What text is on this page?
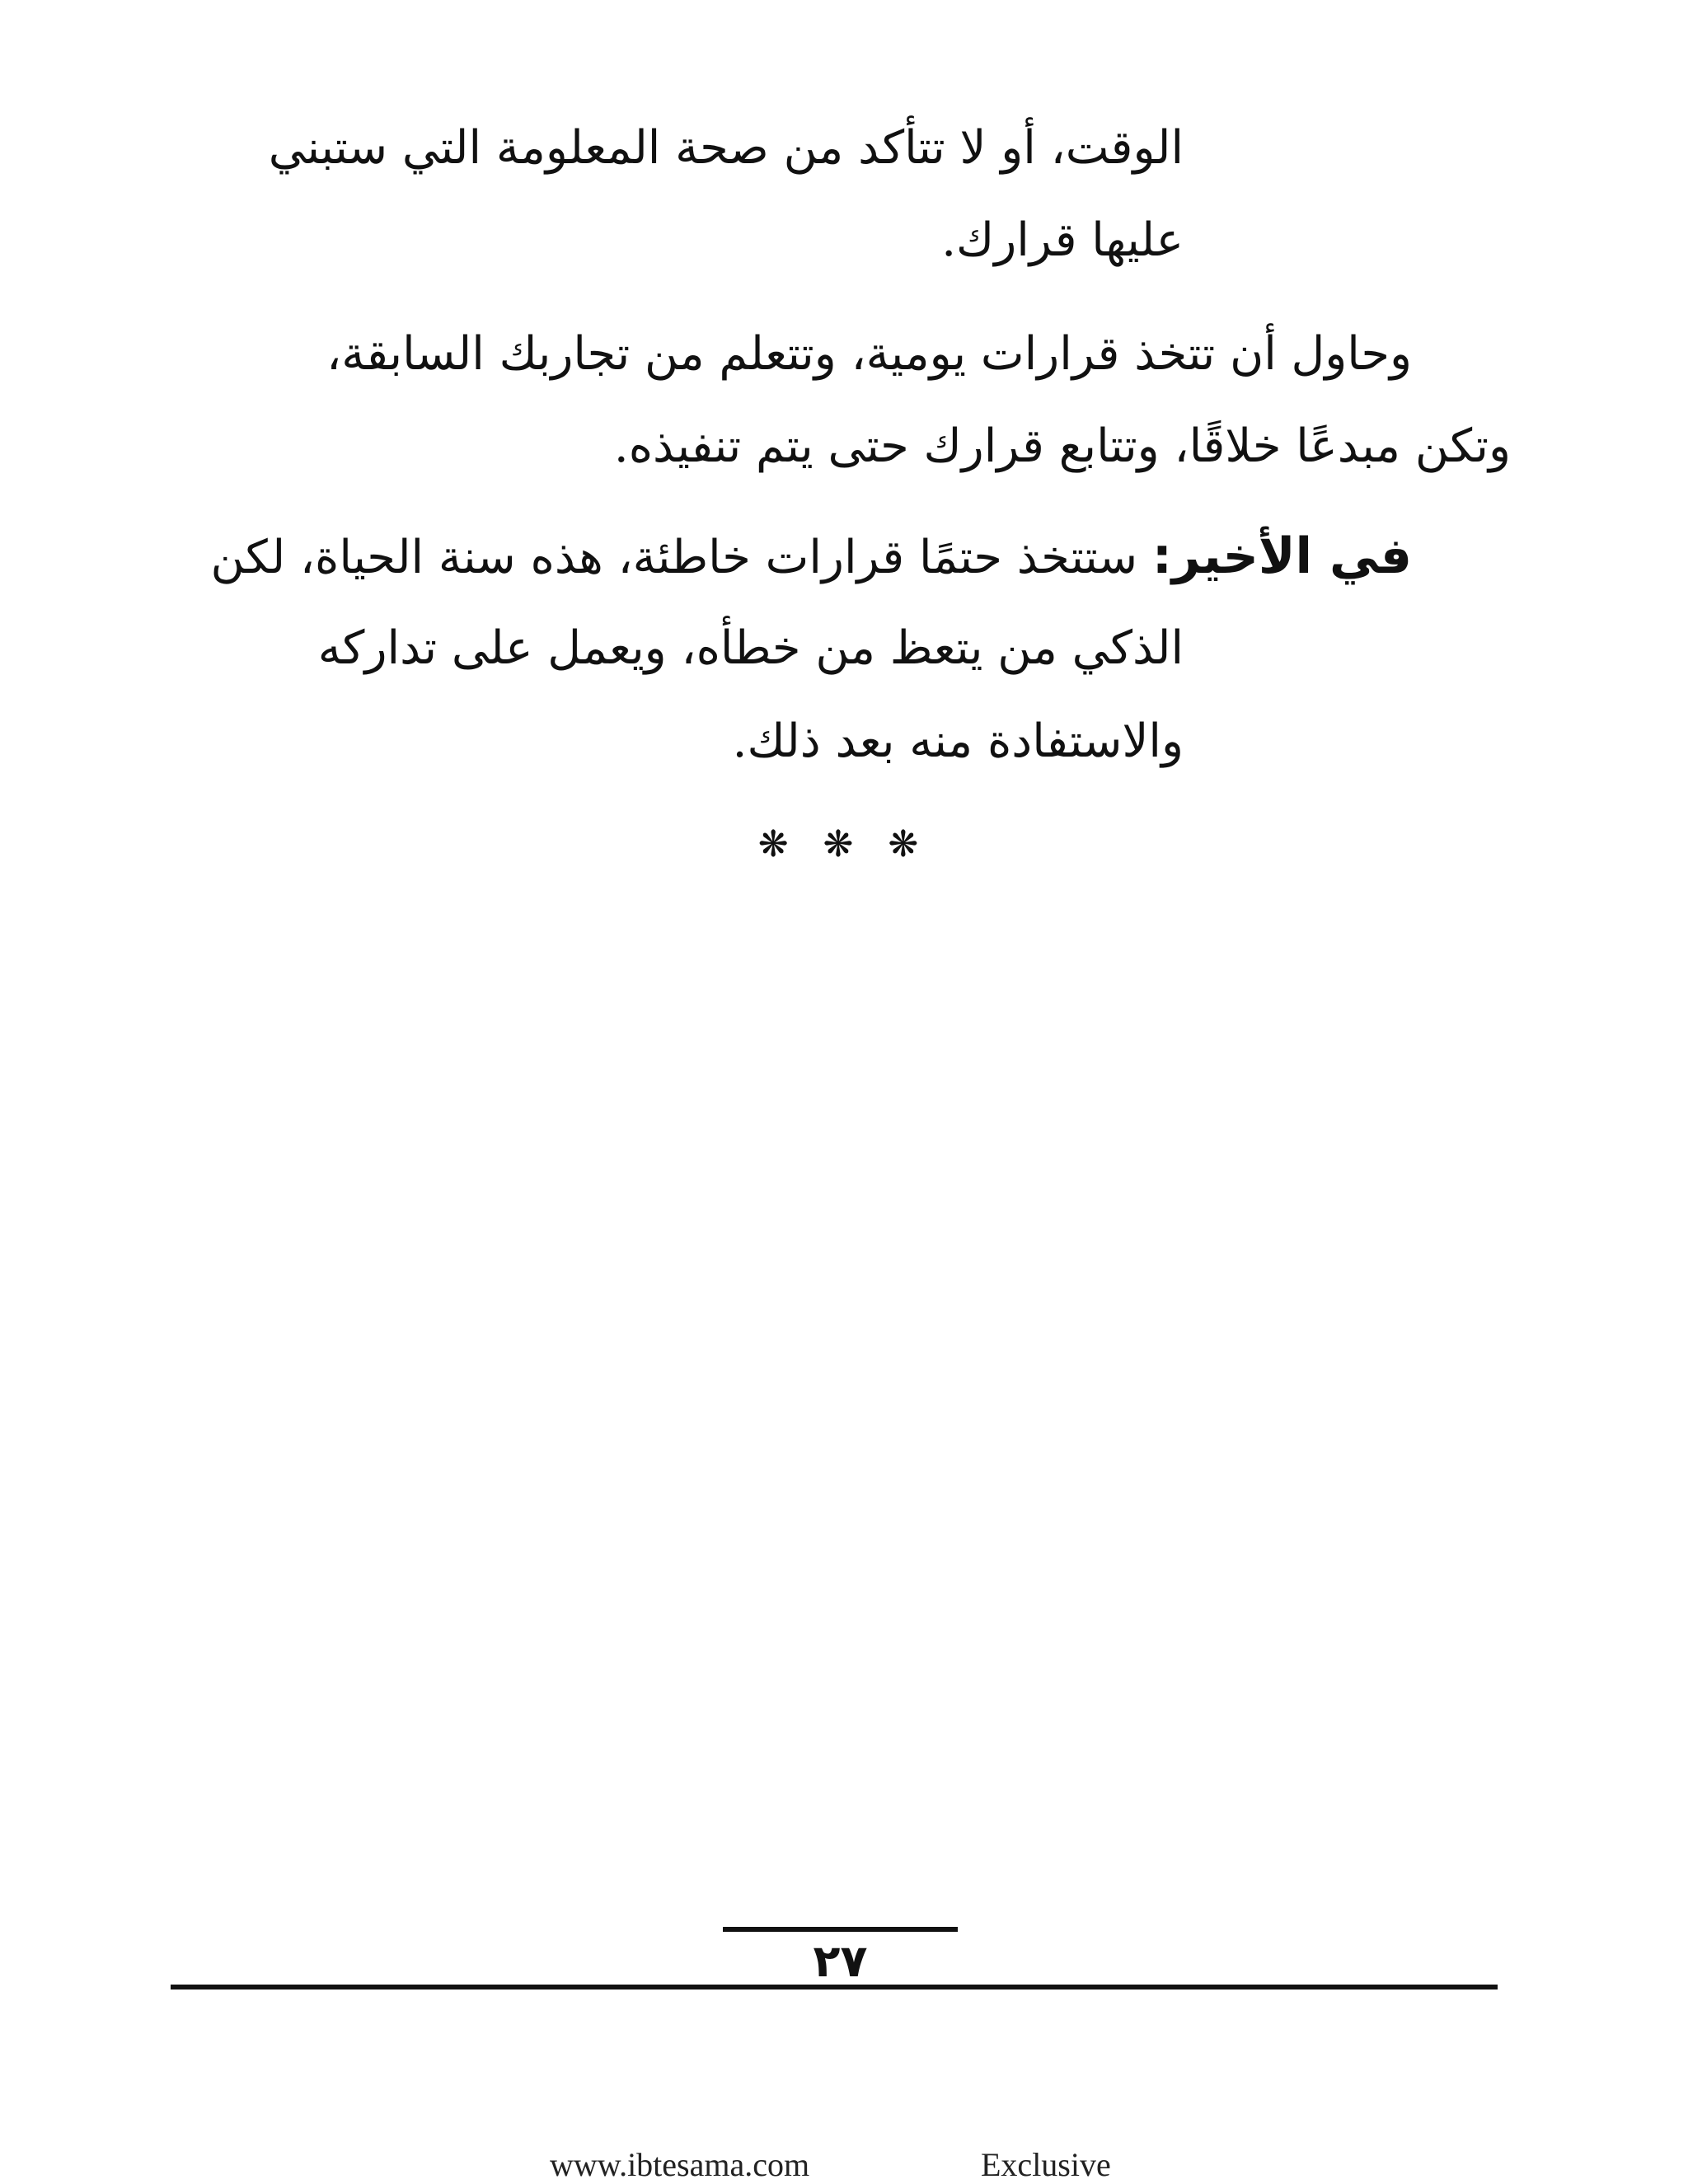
الوقت، أو لا تتأكد من صحة المعلومة التي ستبني

عليها قرارك.

وحاول أن تتخذ قرارات يومية، وتتعلم من تجاربك السابقة،

وتكن مبدعًا خلاقًا، وتتابع قرارك حتى يتم تنفيذه.

في الأخير: ستتخذ حتمًا قرارات خاطئة، هذه سنة الحياة، لكن

الذكي من يتعظ من خطأه، ويعمل على تداركه

والاستفادة منه بعد ذلك.

❋ ❋ ❋
٢٧
www.ibtesama.com	Exclusive
